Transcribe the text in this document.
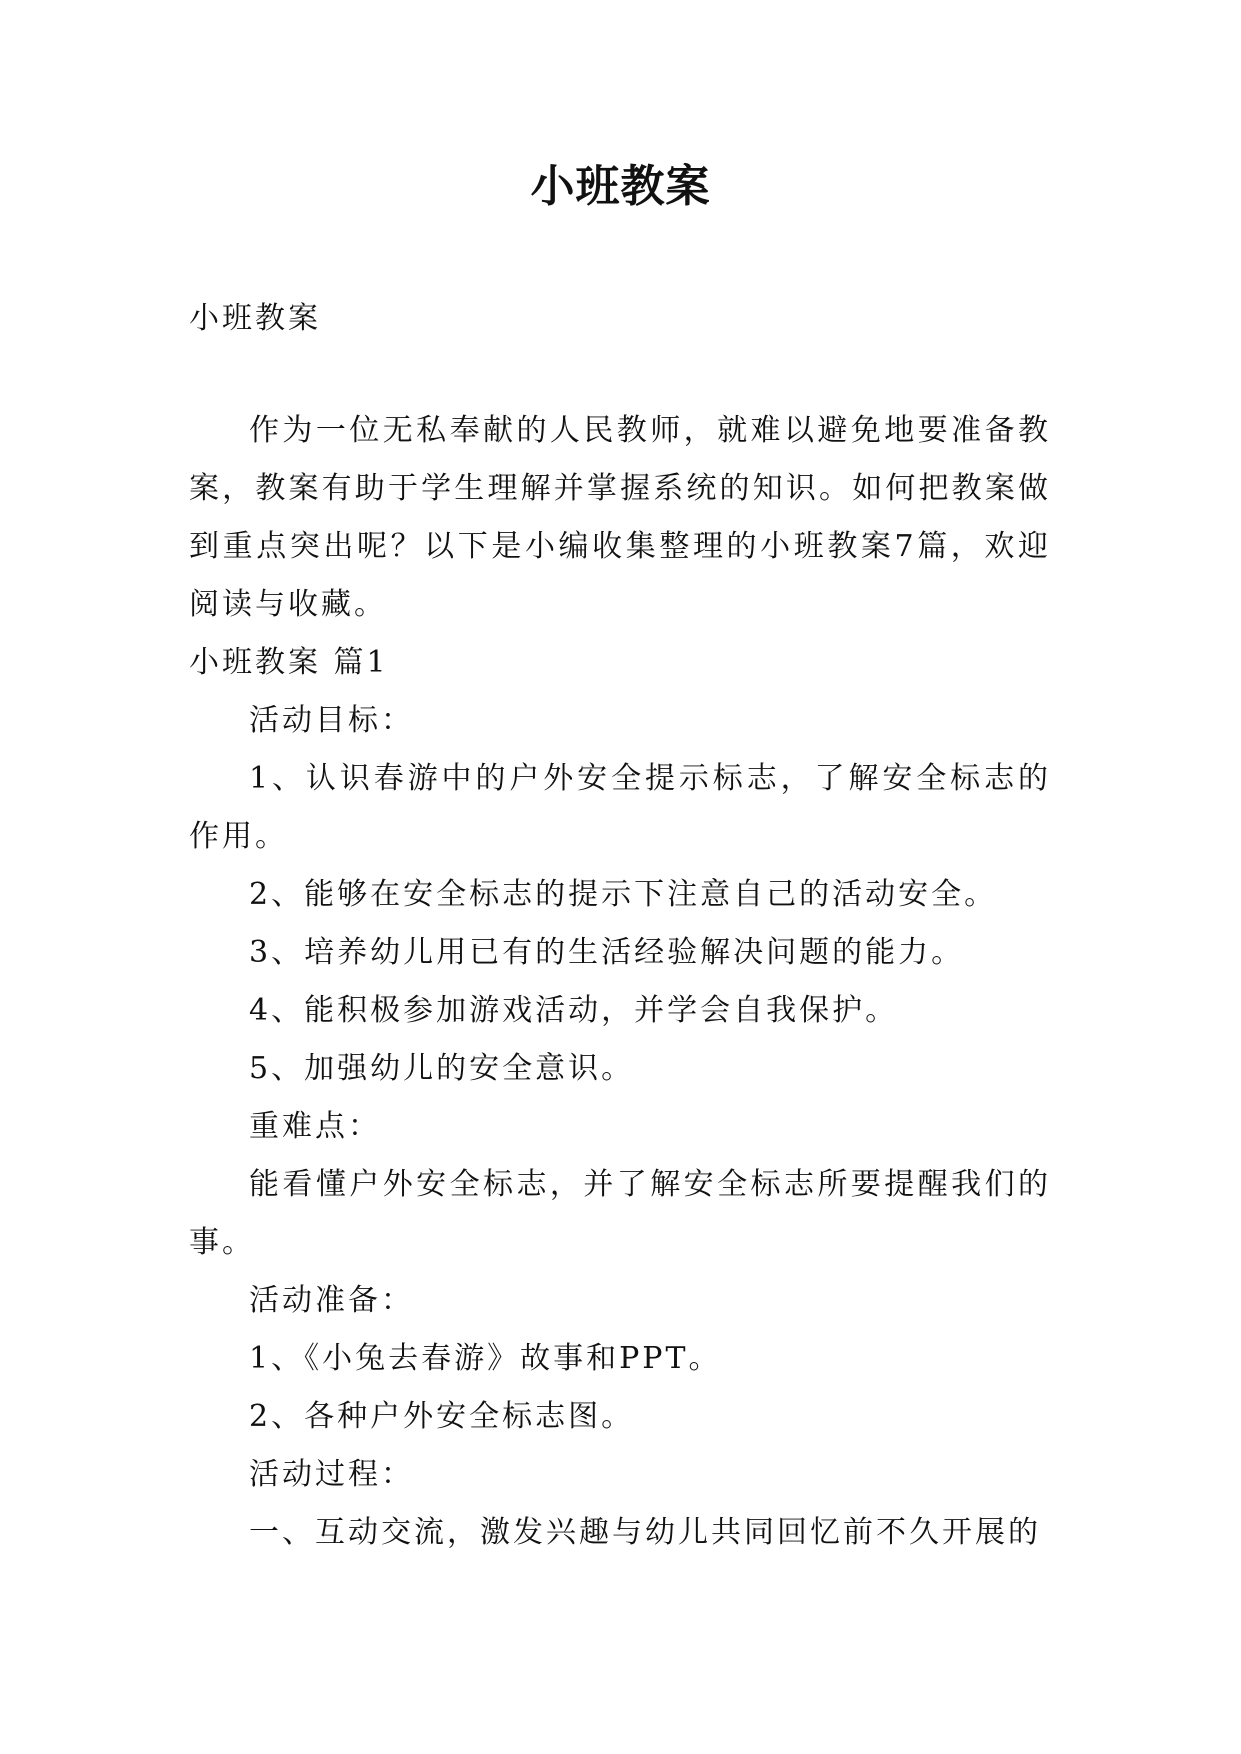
小班教案

小班教案

作为一位无私奉献的人民教师，就难以避免地要准备教案，教案有助于学生理解并掌握系统的知识。如何把教案做到重点突出呢？以下是小编收集整理的小班教案7篇，欢迎阅读与收藏。

小班教案 篇1

活动目标：

1、认识春游中的户外安全提示标志，了解安全标志的作用。

2、能够在安全标志的提示下注意自己的活动安全。

3、培养幼儿用已有的生活经验解决问题的能力。

4、能积极参加游戏活动，并学会自我保护。

5、加强幼儿的安全意识。

重难点：

能看懂户外安全标志，并了解安全标志所要提醒我们的事。

活动准备：

1、《小兔去春游》故事和PPT。

2、各种户外安全标志图。

活动过程：

一、互动交流，激发兴趣与幼儿共同回忆前不久开展的
